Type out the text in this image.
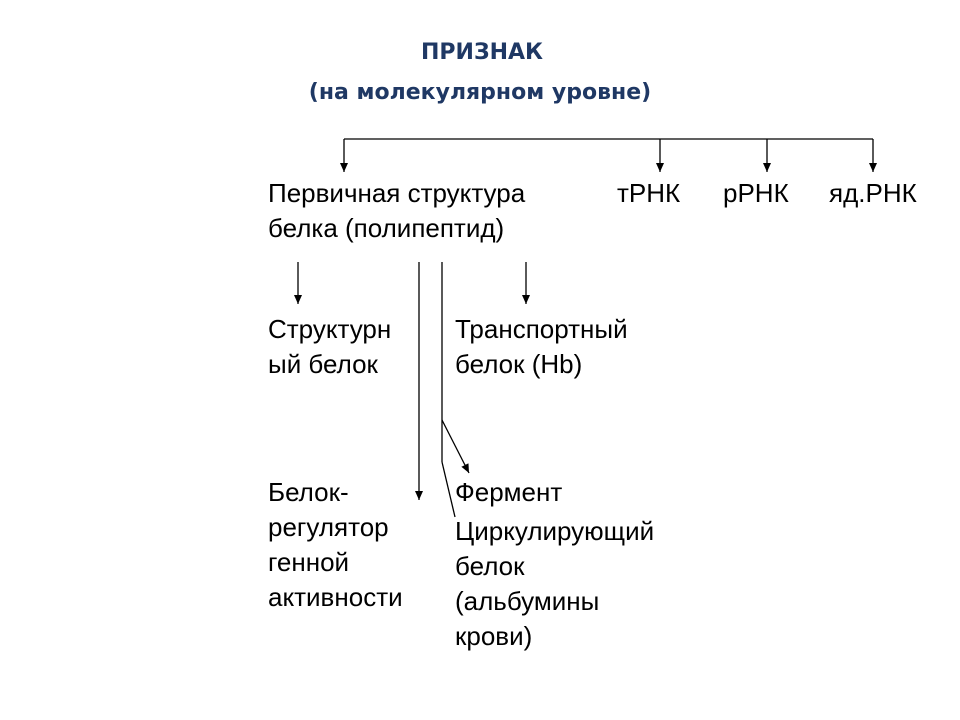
ПРИЗНАК
(на молекулярном уровне)
Первичная структура
белка (полипептид)
тРНК рРНК яд.РНК
Структурн
ый белок
Транспортный
белок (Hb)
Белок-
регулятор
генной
активности
Фермент
Циркулирующий
белок
(альбумины
крови)
